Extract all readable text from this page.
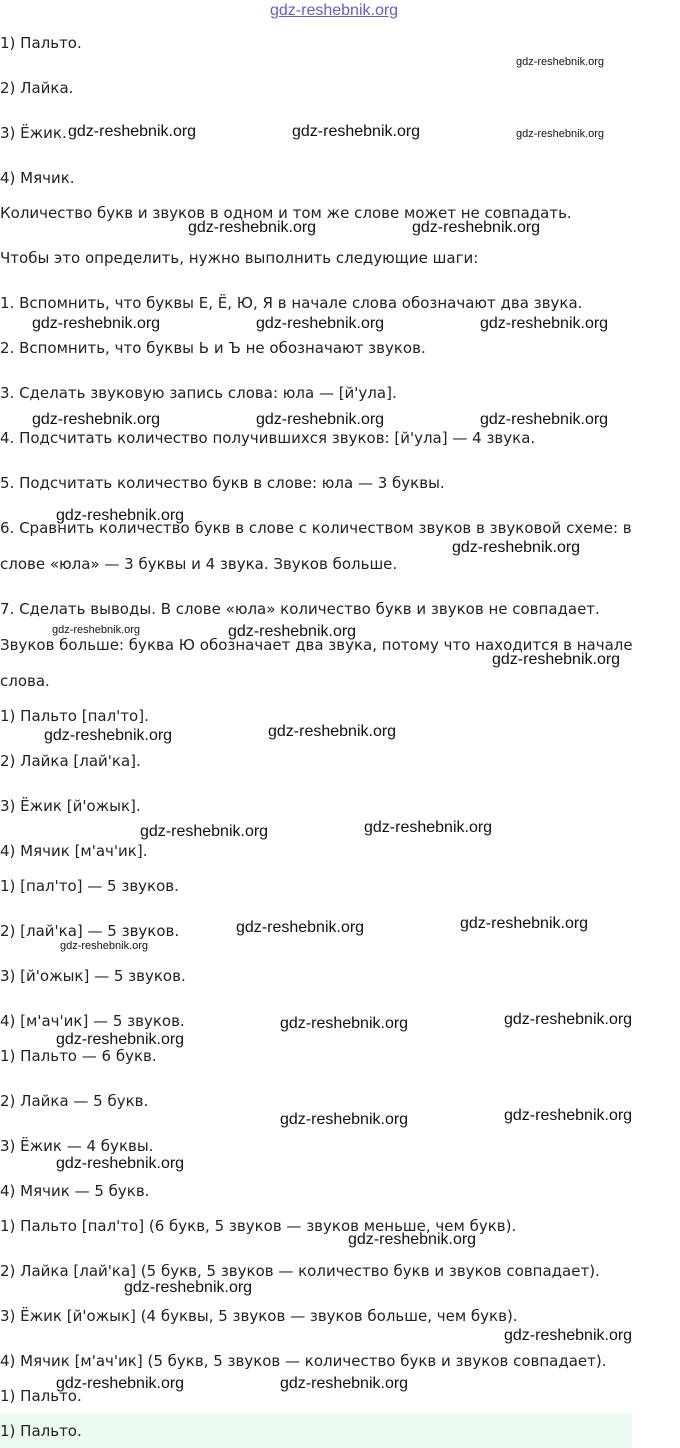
gdz-reshebnik.org
1) Пальто.
2) Лайка.
3) Ёжик.
4) Мячик.
Количество букв и звуков в одном и том же слове может не совпадать.
Чтобы это определить, нужно выполнить следующие шаги:
1. Вспомнить, что буквы Е, Ё, Ю, Я в начале слова обозначают два звука.
2. Вспомнить, что буквы Ь и Ъ не обозначают звуков.
3. Сделать звуковую запись слова: юла — [й'ула].
4. Подсчитать количество получившихся звуков: [й'ула] — 4 звука.
5. Подсчитать количество букв в слове: юла — 3 буквы.
6. Сравнить количество букв в слове с количеством звуков в звуковой схеме: в
слове «юла» — 3 буквы и 4 звука. Звуков больше.
7. Сделать выводы. В слове «юла» количество букв и звуков не совпадает.
Звуков больше: буква Ю обозначает два звука, потому что находится в начале
слова.
1) Пальто [пал'то].
2) Лайка [лай'ка].
3) Ёжик [й'ожык].
4) Мячик [м'ач'ик].
1) [пал'то] — 5 звуков.
2) [лай'ка] — 5 звуков.
3) [й'ожык] — 5 звуков.
4) [м'ач'ик] — 5 звуков.
1) Пальто — 6 букв.
2) Лайка — 5 букв.
3) Ёжик — 4 буквы.
4) Мячик — 5 букв.
1) Пальто [пал'то] (6 букв, 5 звуков — звуков меньше, чем букв).
2) Лайка [лай'ка] (5 букв, 5 звуков — количество букв и звуков совпадает).
3) Ёжик [й'ожык] (4 буквы, 5 звуков — звуков больше, чем букв).
4) Мячик [м'ач'ик] (5 букв, 5 звуков — количество букв и звуков совпадает).
1) Пальто.
1) Пальто.
gdz-reshebnik.org
gdz-reshebnik.org	gdz-reshebnik.org	gdz-reshebnik.org
gdz-reshebnik.org	gdz-reshebnik.org
gdz-reshebnik.org	gdz-reshebnik.org	gdz-reshebnik.org
gdz-reshebnik.org	gdz-reshebnik.org	gdz-reshebnik.org
gdz-reshebnik.org
gdz-reshebnik.org
gdz-reshebnik.org	gdz-reshebnik.org
gdz-reshebnik.org
gdz-reshebnik.org	gdz-reshebnik.org
gdz-reshebnik.org	gdz-reshebnik.org
gdz-reshebnik.org	gdz-reshebnik.org
gdz-reshebnik.org
gdz-reshebnik.org	gdz-reshebnik.org
gdz-reshebnik.org
gdz-reshebnik.org	gdz-reshebnik.org
gdz-reshebnik.org
gdz-reshebnik.org
gdz-reshebnik.org
gdz-reshebnik.org
gdz-reshebnik.org	gdz-reshebnik.org
